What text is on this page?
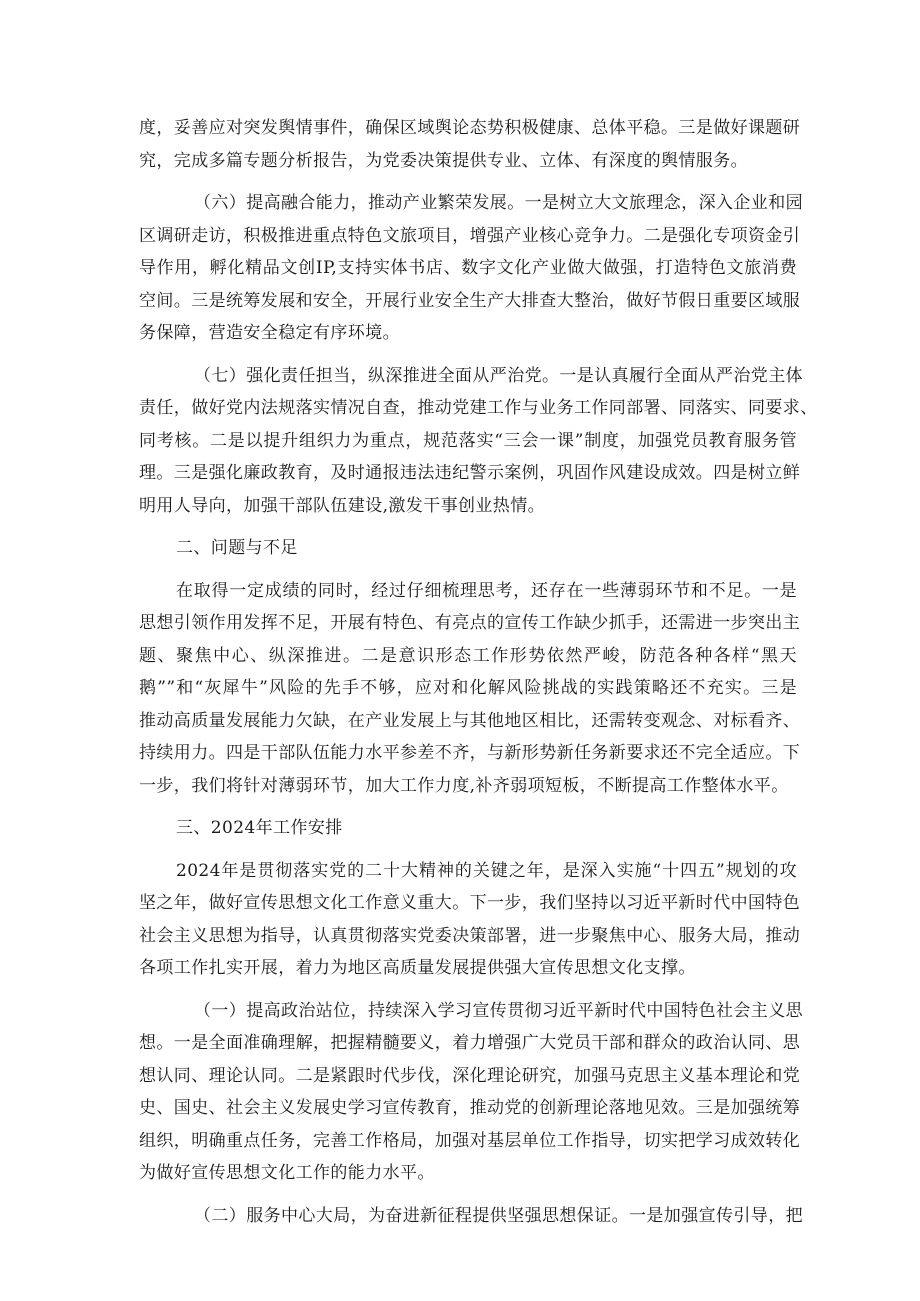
度，妥善应对突发舆情事件，确保区域舆论态势积极健康、总体平稳。三是做好课题研
究，完成多篇专题分析报告，为党委决策提供专业、立体、有深度的舆情服务。
（六）提高融合能力，推动产业繁荣发展。一是树立大文旅理念，深入企业和园
区调研走访，积极推进重点特色文旅项目，增强产业核心竞争力。二是强化专项资金引
导作用，孵化精品文创IP,支持实体书店、数字文化产业做大做强，打造特色文旅消费
空间。三是统筹发展和安全，开展行业安全生产大排查大整治，做好节假日重要区域服
务保障，营造安全稳定有序环境。
（七）强化责任担当，纵深推进全面从严治党。一是认真履行全面从严治党主体
责任，做好党内法规落实情况自查，推动党建工作与业务工作同部署、同落实、同要求、
同考核。二是以提升组织力为重点，规范落实“三会一课”制度，加强党员教育服务管
理。三是强化廉政教育，及时通报违法违纪警示案例，巩固作风建设成效。四是树立鲜
明用人导向，加强干部队伍建设,激发干事创业热情。
二、问题与不足
在取得一定成绩的同时，经过仔细梳理思考，还存在一些薄弱环节和不足。一是
思想引领作用发挥不足，开展有特色、有亮点的宣传工作缺少抓手，还需进一步突出主
题、聚焦中心、纵深推进。二是意识形态工作形势依然严峻，防范各种各样“黑天
鹅””和“灰犀牛”风险的先手不够，应对和化解风险挑战的实践策略还不充实。三是
推动高质量发展能力欠缺，在产业发展上与其他地区相比，还需转变观念、对标看齐、
持续用力。四是干部队伍能力水平参差不齐，与新形势新任务新要求还不完全适应。下
一步，我们将针对薄弱环节，加大工作力度,补齐弱项短板，不断提高工作整体水平。
三、2024年工作安排
2024年是贯彻落实党的二十大精神的关键之年，是深入实施“十四五”规划的攻
坚之年，做好宣传思想文化工作意义重大。下一步，我们坚持以习近平新时代中国特色
社会主义思想为指导，认真贯彻落实党委决策部署，进一步聚焦中心、服务大局，推动
各项工作扎实开展，着力为地区高质量发展提供强大宣传思想文化支撑。
（一）提高政治站位，持续深入学习宣传贯彻习近平新时代中国特色社会主义思
想。一是全面准确理解，把握精髓要义，着力增强广大党员干部和群众的政治认同、思
想认同、理论认同。二是紧跟时代步伐，深化理论研究，加强马克思主义基本理论和党
史、国史、社会主义发展史学习宣传教育，推动党的创新理论落地见效。三是加强统筹
组织，明确重点任务，完善工作格局，加强对基层单位工作指导，切实把学习成效转化
为做好宣传思想文化工作的能力水平。
（二）服务中心大局，为奋进新征程提供坚强思想保证。一是加强宣传引导，把
